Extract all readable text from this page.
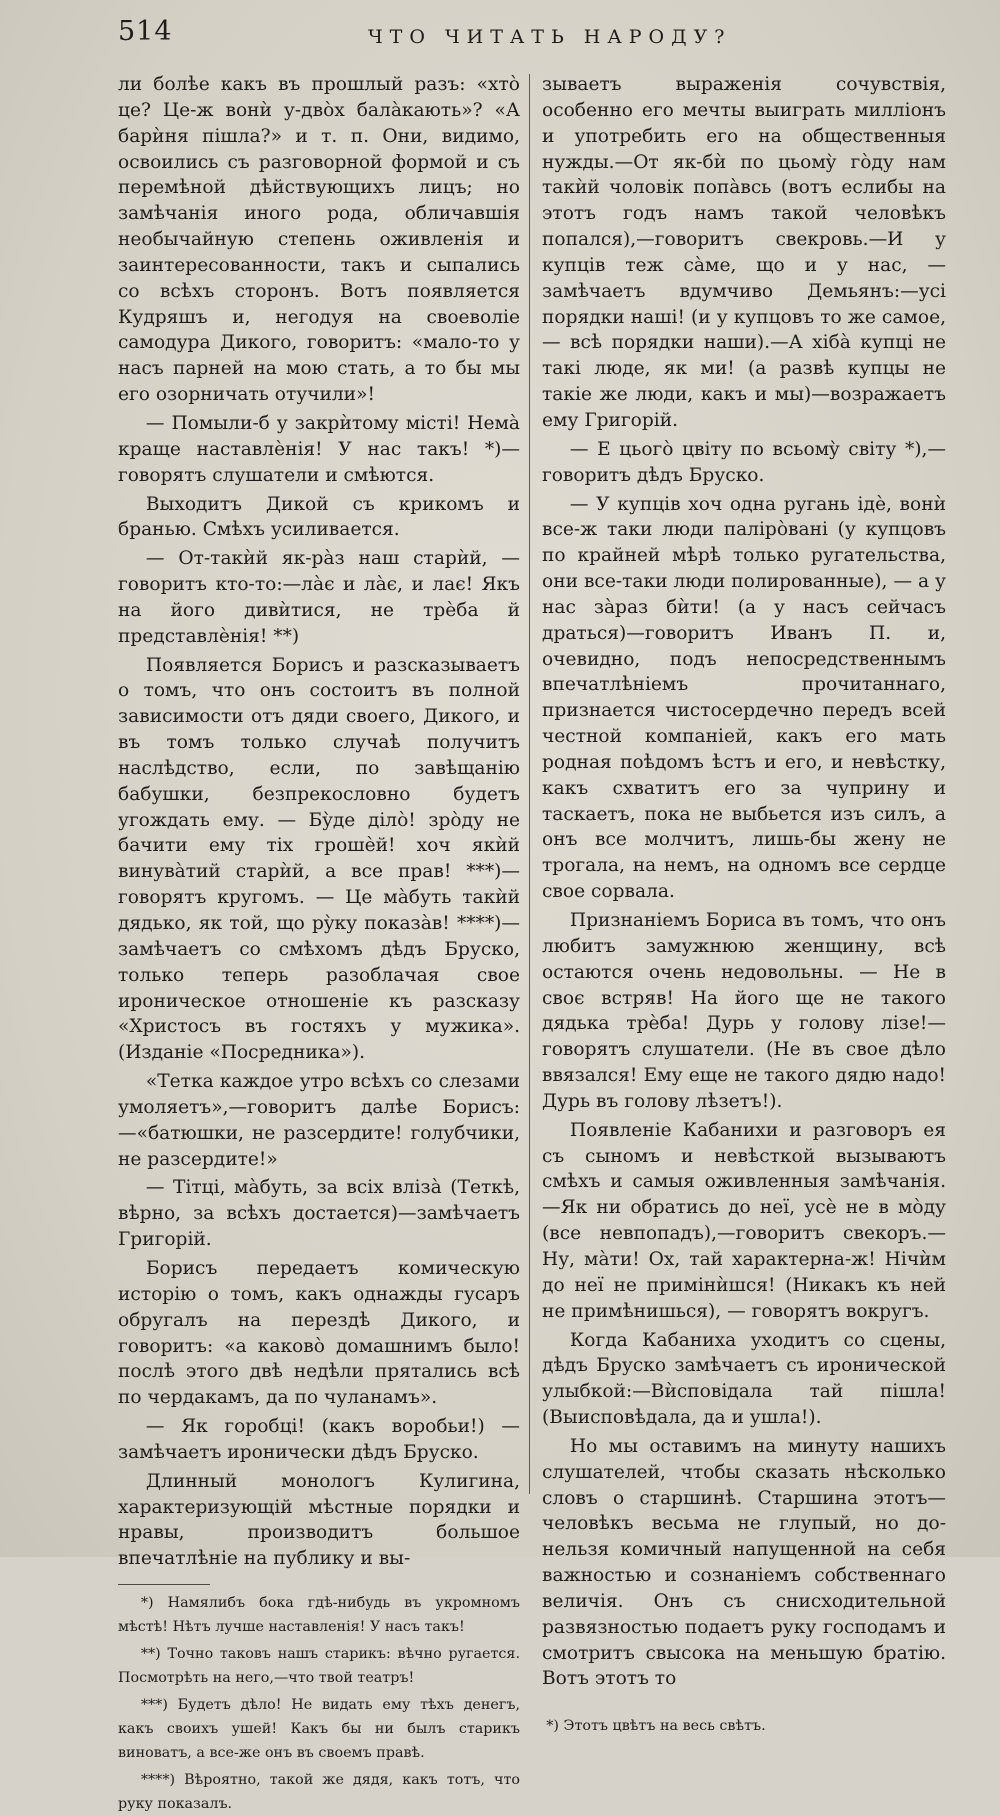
514	ЧТО ЧИТАТЬ НАРОДУ?

ли болѣе какъ въ прошлый разъ: «хтò це? Це-ж вонѝ у-двòх балàкають»? «А барѝня пішла?» и т. п. Они, видимо, освоились съ разговорной формой и съ перемѣной дѣйствующихъ лицъ; но замѣчанія иного рода, обличавшія необычайную степень оживленія и заинтересованности, такъ и сыпались со всѣхъ сторонъ. Вотъ появляется Кудряшъ и, негодуя на своеволіе самодура Дикого, говоритъ: «мало-то у насъ парней на мою стать, а то бы мы его озорничать отучили»!

— Помыли-б у закрѝтому місті! Немà краще наставлèнія! У нас такъ! *)—говорятъ слушатели и смѣются.

Выходитъ Дикой съ крикомъ и бранью. Смѣхъ усиливается.

— От-такѝй як-рàз наш старѝй, — говоритъ кто-то:—лàє и лàє, и лає! Якъ на його дивѝтися, не трèба й представлèнія! **)

Появляется Борисъ и разсказываетъ о томъ, что онъ состоитъ въ полной зависимости отъ дяди своего, Дикого, и въ томъ только случаѣ получитъ наслѣдство, если, по завѣщанію бабушки, безпрекословно будетъ угождать ему. — Бỳде ділò! зрòду не бачити ему тіх грошѐй! хоч якѝй винувàтий старѝй, а все прав! ***)—говорятъ кругомъ. — Це мàбуть такѝй дядько, як той, що рỳку показàв! ****)—замѣчаетъ со смѣхомъ дѣдъ Бруско, только теперь разоблачая свое ироническое отношеніе къ разсказу «Христосъ въ гостяхъ у мужика». (Изданіе «Посредника»).

«Тетка каждое утро всѣхъ со слезами умоляетъ»,—говоритъ далѣе Борисъ:—«батюшки, не разсердите! голубчики, не разсердите!»

— Тітці, мàбуть, за всіх влізà (Теткѣ, вѣрно, за всѣхъ достается)—замѣчаетъ Григорій.

Борисъ передаетъ комическую исторію о томъ, какъ однажды гусаръ обругалъ на перездѣ Дикого, и говоритъ: «а каковò домашнимъ было! послѣ этого двѣ недѣли прятались всѣ по чердакамъ, да по чуланамъ».

— Як горобці! (какъ воробьи!) — замѣчаетъ иронически дѣдъ Бруско.

Длинный монологъ Кулигина, характеризующій мѣстные порядки и нравы, производитъ большое впечатлѣніе на публику и вы-

*) Намялибъ бока гдѣ-нибудь въ укромномъ мѣстѣ! Нѣтъ лучше наставленія! У насъ такъ!

**) Точно таковъ нашъ старикъ: вѣчно ругается. Посмотрѣть на него,—что твой театръ!

***) Будетъ дѣло! Не видать ему тѣхъ денегъ, какъ своихъ ушей! Какъ бы ни былъ старикъ виноватъ, а все-же онъ въ своемъ правѣ.

****) Вѣроятно, такой же дядя, какъ тотъ, что руку показалъ.

зываетъ выраженія сочувствія, особенно его мечты выиграть милліонъ и употребить его на общественныя нужды.—От як-бѝ по цьомỳ гòду нам такѝй чоловік попàвсь (вотъ еслибы на этотъ годъ намъ такой человѣкъ попался),—говоритъ свекровь.—И у купців теж сàме, що и у нас, — замѣчаетъ вдумчиво Демьянъ:—усі порядки наші! (и у купцовъ то же самое, — всѣ порядки наши).—А хібà купці не такі люде, як ми! (а развѣ купцы не такіе же люди, какъ и мы)—возражаетъ ему Григорій.

— Е цьогò цвіту по всьомỳ світу *),—говоритъ дѣдъ Бруско.

— У купців хоч одна ругань ідè, вонѝ все-ж таки люди палірòвані (у купцовъ по крайней мѣрѣ только ругательства, они все-таки люди полированные), — а у нас зàраз бѝти! (а у насъ сейчасъ драться)—говоритъ Иванъ П. и, очевидно, подъ непосредственнымъ впечатлѣніемъ прочитаннаго, признается чистосердечно передъ всей честной компаніей, какъ его мать родная поѣдомъ ѣстъ и его, и невѣстку, какъ схватитъ его за чуприну и таскаетъ, пока не выбьется изъ силъ, а онъ все молчитъ, лишь-бы жену не трогала, на немъ, на одномъ все сердце свое сорвала.

Признаніемъ Бориса въ томъ, что онъ любитъ замужнюю женщину, всѣ остаются очень недовольны. — Не в своє встряв! На його ще не такого дядька трèба! Дурь у голову лізе!—говорятъ слушатели. (Не въ свое дѣло ввязался! Ему еще не такого дядю надо! Дурь въ голову лѣзетъ!).

Появленіе Кабанихи и разговоръ ея съ сыномъ и невѣсткой вызываютъ смѣхъ и самыя оживленныя замѣчанія.—Як ни обратись до неї, усè не в мòду (все невпопадъ),—говоритъ свекоръ.—Ну, мàти! Ох, тай характерна-ж! Нічѝм до неї не примінѝшся! (Никакъ къ ней не примѣнишься), — говорятъ вокругъ.

Когда Кабаниха уходитъ со сцены, дѣдъ Бруско замѣчаетъ съ иронической улыбкой:—Вѝсповідала тай пішла! (Выисповѣдала, да и ушла!).

Но мы оставимъ на минуту нашихъ слушателей, чтобы сказать нѣсколько словъ о старшинѣ. Старшина этотъ—человѣкъ весьма не глупый, но до-нельзя комичный напущенной на себя важностью и сознаніемъ собственнаго величія. Онъ съ снисходительной развязностью подаетъ руку господамъ и смотритъ свысока на меньшую братію. Вотъ этотъ то

*) Этотъ цвѣтъ на весь свѣтъ.
